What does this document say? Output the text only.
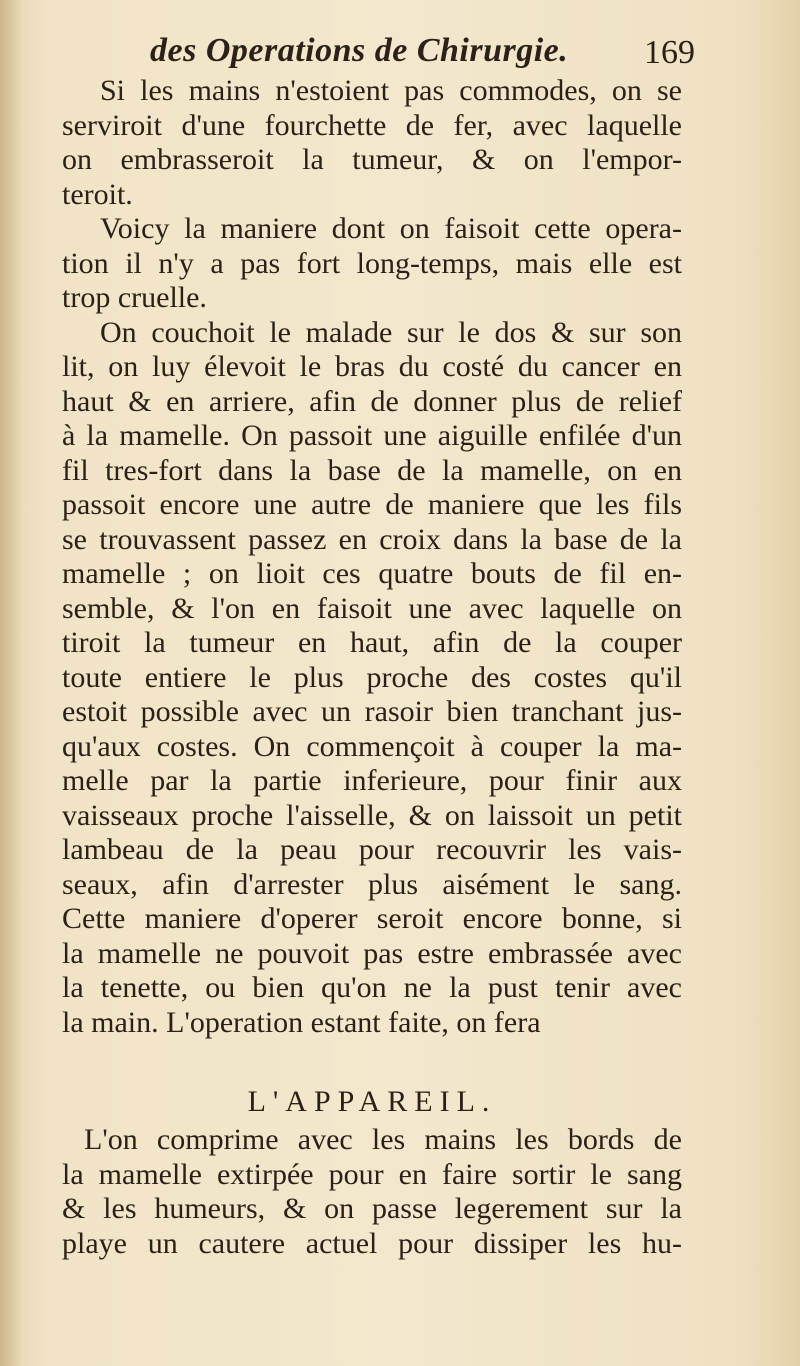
des Operations de Chirurgie. 169
Si les mains n'estoient pas commodes, on se
serviroit d'une fourchette de fer, avec laquelle
on embrasseroit la tumeur, & on l'empor-
teroit.
Voicy la maniere dont on faisoit cette opera-
tion il n'y a pas fort long-temps, mais elle est
trop cruelle.
On couchoit le malade sur le dos & sur son
lit, on luy élevoit le bras du costé du cancer en
haut & en arriere, afin de donner plus de relief
à la mamelle. On passoit une aiguille enfilée d'un
fil tres-fort dans la base de la mamelle, on en
passoit encore une autre de maniere que les fils
se trouvassent passez en croix dans la base de la
mamelle ; on lioit ces quatre bouts de fil en-
semble, & l'on en faisoit une avec laquelle on
tiroit la tumeur en haut, afin de la couper
toute entiere le plus proche des costes qu'il
estoit possible avec un rasoir bien tranchant jus-
qu'aux costes. On commençoit à couper la ma-
melle par la partie inferieure, pour finir aux
vaisseaux proche l'aisselle, & on laissoit un petit
lambeau de la peau pour recouvrir les vais-
seaux, afin d'arrester plus aisément le sang.
Cette maniere d'operer seroit encore bonne, si
la mamelle ne pouvoit pas estre embrassée avec
la tenette, ou bien qu'on ne la pust tenir avec
la main. L'operation estant faite, on fera
L'APPAREIL.
L'on comprime avec les mains les bords de
la mamelle extirpée pour en faire sortir le sang
& les humeurs, & on passe legerement sur la
playe un cautere actuel pour dissiper les hu-
